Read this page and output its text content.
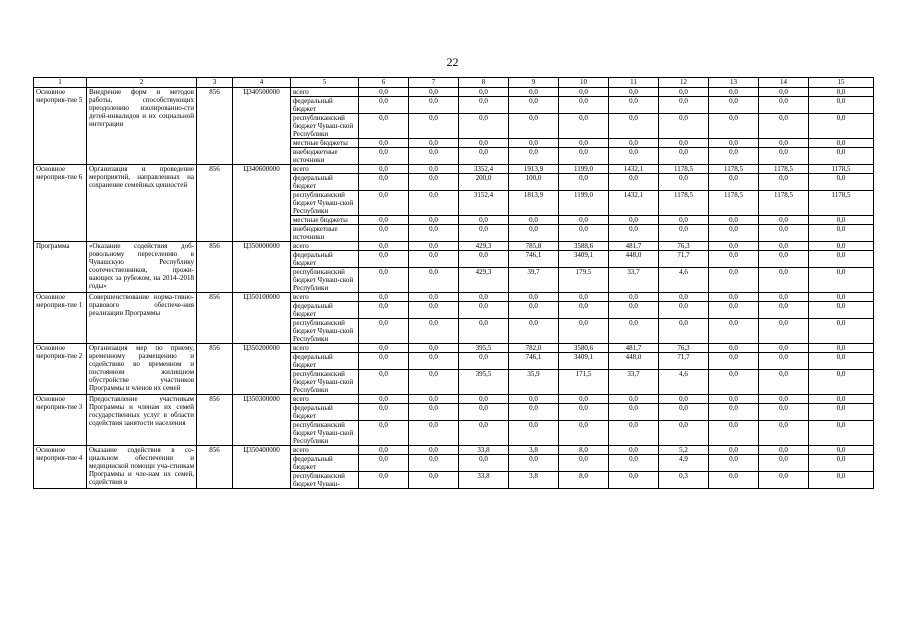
22
1	2	3	4	5	6	7	8	9	10	11	12	13	14	15
Основное мероприя-тие 5	Внедрение форм и методов работы, способствующих преодолению изолированно-сти детей-инвалидов и их социальной интеграции	856	Ц340500000	всего	0,0	0,0	0,0	0,0	0,0	0,0	0,0	0,0	0,0	0,0
				федеральный бюджет	0,0	0,0	0,0	0,0	0,0	0,0	0,0	0,0	0,0	0,0
				республиканский бюджет Чуваш-ской Республики	0,0	0,0	0,0	0,0	0,0	0,0	0,0	0,0	0,0	0,0
				местные бюджеты	0,0	0,0	0,0	0,0	0,0	0,0	0,0	0,0	0,0	0,0
				внебюджетные источники	0,0	0,0	0,0	0,0	0,0	0,0	0,0	0,0	0,0	0,0
Основное мероприя-тие 6	Организация и проведение мероприятий, направленных на сохранение семейных ценностей	856	Ц340600000	всего	0,0	0,0	3352,4	1913,9	1199,0	1432,1	1178,5	1178,5	1178,5	1178,5
				федеральный бюджет	0,0	0,0	200,0	100,0	0,0	0,0	0,0	0,0	0,0	0,0
				республиканский бюджет Чуваш-ской Республики	0,0	0,0	3152,4	1813,9	1199,0	1432,1	1178,5	1178,5	1178,5	1178,5
				местные бюджеты	0,0	0,0	0,0	0,0	0,0	0,0	0,0	0,0	0,0	0,0
				внебюджетные источники	0,0	0,0	0,0	0,0	0,0	0,0	0,0	0,0	0,0	0,0
Программа	«Оказание содействия доб-ровольному переселению в Чувашскую Республику соотечественников, прожи-вающих за рубежом, на 2014–2018 годы»	856	Ц350000000	всего	0,0	0,0	429,3	785,8	3588,6	481,7	76,3	0,0	0,0	0,0
				федеральный бюджет	0,0	0,0	0,0	746,1	3409,1	448,0	71,7	0,0	0,0	0,0
				республиканский бюджет Чуваш-ской Республики	0,0	0,0	429,3	39,7	179,5	33,7	4,6	0,0	0,0	0,0
Основное мероприя-тие 1	Совершенствование норма-тивно-правового обеспече-ния реализации Программы	856	Ц350100000	всего	0,0	0,0	0,0	0,0	0,0	0,0	0,0	0,0	0,0	0,0
				федеральный бюджет	0,0	0,0	0,0	0,0	0,0	0,0	0,0	0,0	0,0	0,0
				республиканский бюджет Чуваш-ской Республики	0,0	0,0	0,0	0,0	0,0	0,0	0,0	0,0	0,0	0,0
Основное мероприя-тие 2	Организация мер по приему, временному размещению и содействию во временном и постоянном жилищном обустройстве участников Программы и членов их семей	856	Ц350200000	всего	0,0	0,0	395,5	782,0	3580,6	481,7	76,3	0,0	0,0	0,0
				федеральный бюджет	0,0	0,0	0,0	746,1	3409,1	448,0	71,7	0,0	0,0	0,0
				республиканский бюджет Чуваш-ской Республики	0,0	0,0	395,5	35,9	171,5	33,7	4,6	0,0	0,0	0,0
Основное мероприя-тие 3	Предоставление участникам Программы и членам их семей государственных услуг в области содействия занятости населения	856	Ц350300000	всего	0,0	0,0	0,0	0,0	0,0	0,0	0,0	0,0	0,0	0,0
				федеральный бюджет	0,0	0,0	0,0	0,0	0,0	0,0	0,0	0,0	0,0	0,0
				республиканский бюджет Чуваш-ской Республики	0,0	0,0	0,0	0,0	0,0	0,0	0,0	0,0	0,0	0,0
Основное мероприя-тие 4	Оказание содействия в со-циальном обеспечении и медицинской помощи уча-стникам Программы и чле-нам их семей, содействия в	856	Ц350400000	всего	0,0	0,0	33,8	3,8	8,0	0,0	5,2	0,0	0,0	0,0
				федеральный бюджет	0,0	0,0	0,0	0,0	0,0	0,0	4,9	0,0	0,0	0,0
				республиканский бюджет Чуваш-	0,0	0,0	33,8	3,8	8,0	0,0	0,3	0,0	0,0	0,0
